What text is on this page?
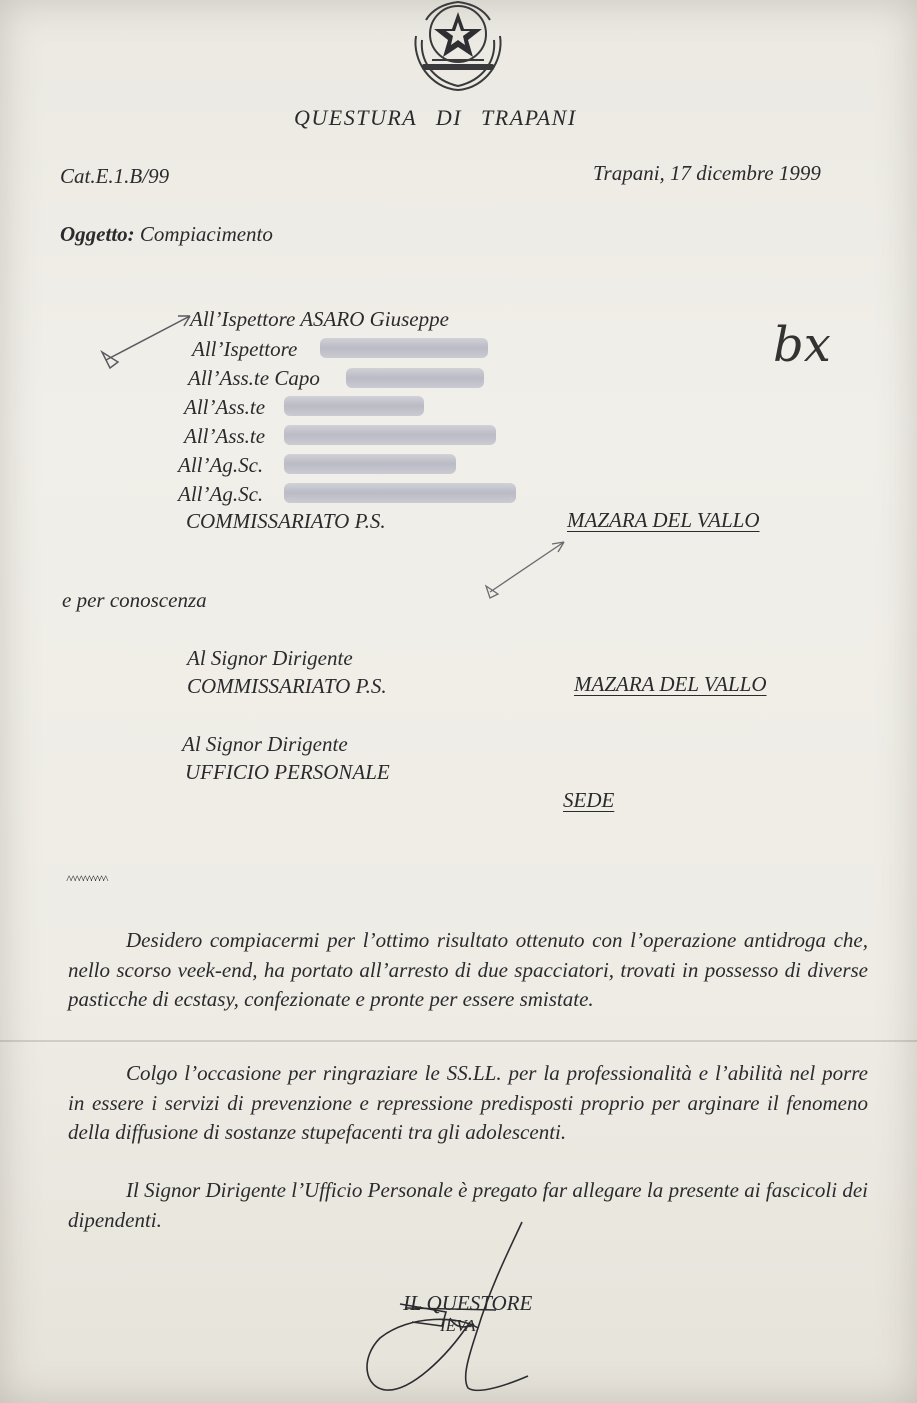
QUESTURA DI TRAPANI
Cat.E.1.B/99	Trapani, 17 dicembre 1999
Oggetto: Compiacimento
All’Ispettore ASARO Giuseppe
All’Ispettore
All’Ass.te Capo
All’Ass.te
All’Ass.te
All’Ag.Sc.
All’Ag.Sc.
COMMISSARIATO P.S.	MAZARA DEL VALLO
bx
e per conoscenza
Al Signor Dirigente
COMMISSARIATO P.S.	MAZARA DEL VALLO
Al Signor Dirigente
UFFICIO PERSONALE
SEDE
^^^^^^^^^^
Desidero compiacermi per l’ottimo risultato ottenuto con l’operazione antidroga che, nello scorso veek-end, ha portato all’arresto di due spacciatori, trovati in possesso di diverse pasticche di ecstasy, confezionate e pronte per essere smistate.
Colgo l’occasione per ringraziare le SS.LL. per la professionalità e l’abilità nel porre in essere i servizi di prevenzione e repressione predisposti proprio per arginare il fenomeno della diffusione di sostanze stupefacenti tra gli adolescenti.
Il Signor Dirigente l’Ufficio Personale è pregato far allegare la presente ai fascicoli dei dipendenti.
IL QUESTORE
IEVA
